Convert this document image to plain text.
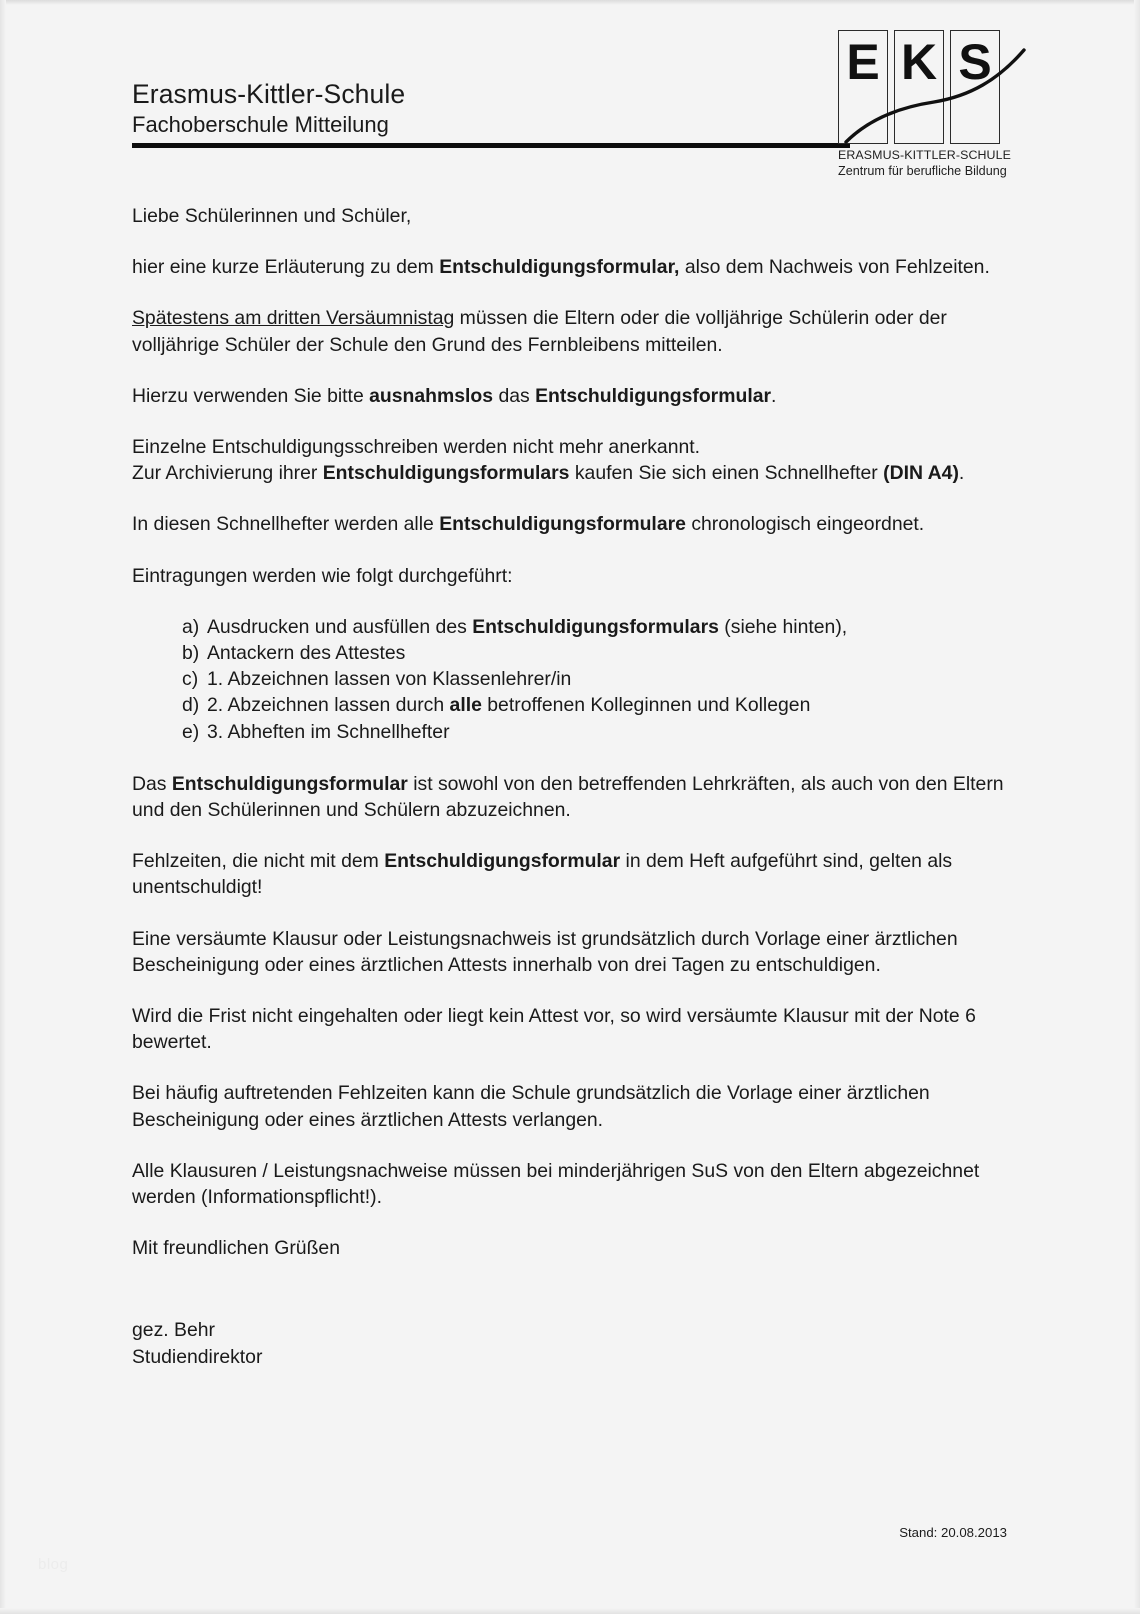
Erasmus-Kittler-Schule
Fachoberschule Mitteilung
E K S
ERASMUS-KITTLER-SCHULE
Zentrum für berufliche Bildung

Liebe Schülerinnen und Schüler,

hier eine kurze Erläuterung zu dem Entschuldigungsformular, also dem Nachweis von Fehlzeiten.

Spätestens am dritten Versäumnistag müssen die Eltern oder die volljährige Schülerin oder der volljährige Schüler der Schule den Grund des Fernbleibens mitteilen.

Hierzu verwenden Sie bitte ausnahmslos das Entschuldigungsformular.

Einzelne Entschuldigungsschreiben werden nicht mehr anerkannt.
Zur Archivierung ihrer Entschuldigungsformulars kaufen Sie sich einen Schnellhefter (DIN A4).

In diesen Schnellhefter werden alle Entschuldigungsformulare chronologisch eingeordnet.

Eintragungen werden wie folgt durchgeführt:

a) Ausdrucken und ausfüllen des Entschuldigungsformulars (siehe hinten),
b) Antackern des Attestes
c) 1. Abzeichnen lassen von Klassenlehrer/in
d) 2. Abzeichnen lassen durch alle betroffenen Kolleginnen und Kollegen
e) 3. Abheften im Schnellhefter

Das Entschuldigungsformular ist sowohl von den betreffenden Lehrkräften, als auch von den Eltern und den Schülerinnen und Schülern abzuzeichnen.

Fehlzeiten, die nicht mit dem Entschuldigungsformular in dem Heft aufgeführt sind, gelten als unentschuldigt!

Eine versäumte Klausur oder Leistungsnachweis ist grundsätzlich durch Vorlage einer ärztlichen Bescheinigung oder eines ärztlichen Attests innerhalb von drei Tagen zu entschuldigen.

Wird die Frist nicht eingehalten oder liegt kein Attest vor, so wird versäumte Klausur mit der Note 6 bewertet.

Bei häufig auftretenden Fehlzeiten kann die Schule grundsätzlich die Vorlage einer ärztlichen Bescheinigung oder eines ärztlichen Attests verlangen.

Alle Klausuren / Leistungsnachweise müssen bei minderjährigen SuS von den Eltern abgezeichnet werden (Informationspflicht!).

Mit freundlichen Grüßen

gez. Behr
Studiendirektor

Stand: 20.08.2013
blog
